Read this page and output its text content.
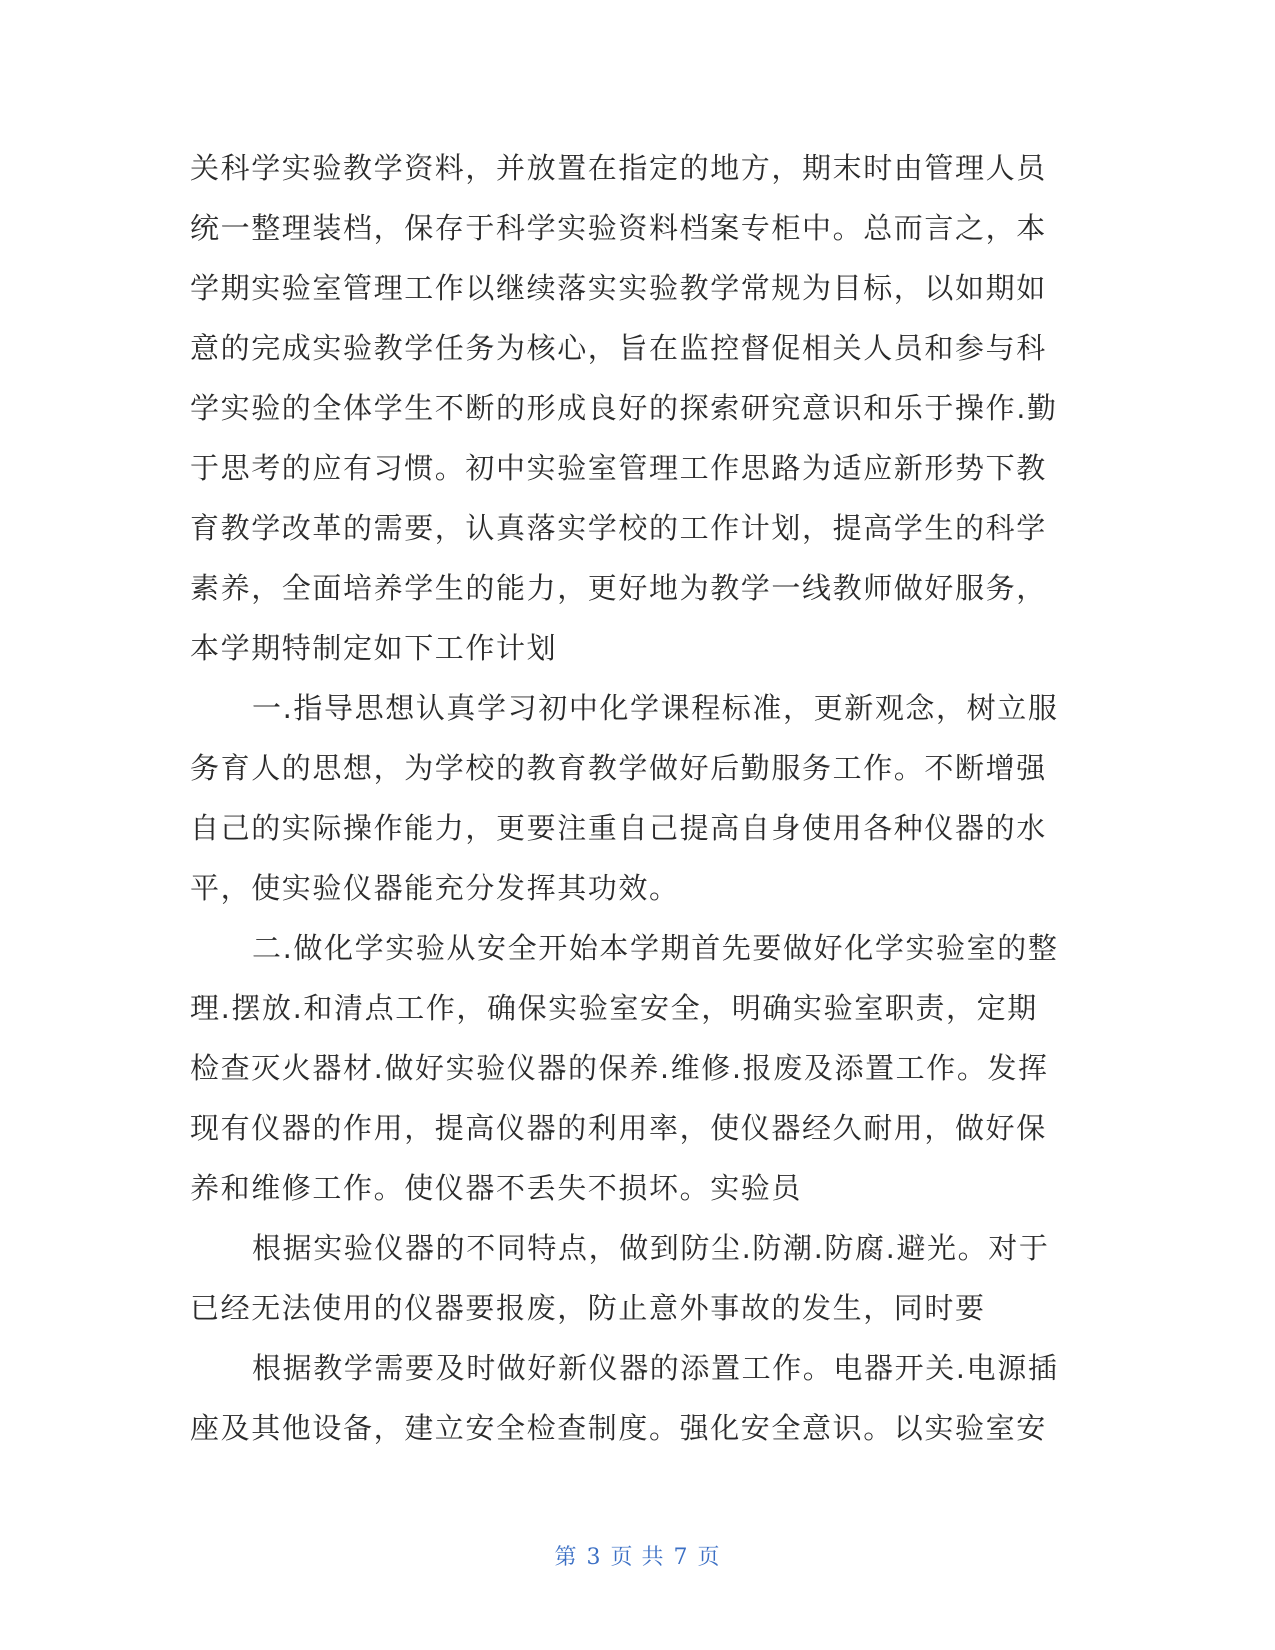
关科学实验教学资料，并放置在指定的地方，期末时由管理人员
统一整理装档，保存于科学实验资料档案专柜中。总而言之，本
学期实验室管理工作以继续落实实验教学常规为目标，以如期如
意的完成实验教学任务为核心，旨在监控督促相关人员和参与科
学实验的全体学生不断的形成良好的探索研究意识和乐于操作.勤
于思考的应有习惯。初中实验室管理工作思路为适应新形势下教
育教学改革的需要，认真落实学校的工作计划，提高学生的科学
素养，全面培养学生的能力，更好地为教学一线教师做好服务，
本学期特制定如下工作计划
一.指导思想认真学习初中化学课程标准，更新观念，树立服
务育人的思想，为学校的教育教学做好后勤服务工作。不断增强
自己的实际操作能力，更要注重自己提高自身使用各种仪器的水
平，使实验仪器能充分发挥其功效。
二.做化学实验从安全开始本学期首先要做好化学实验室的整
理.摆放.和清点工作，确保实验室安全，明确实验室职责，定期
检查灭火器材.做好实验仪器的保养.维修.报废及添置工作。发挥
现有仪器的作用，提高仪器的利用率，使仪器经久耐用，做好保
养和维修工作。使仪器不丢失不损坏。实验员
根据实验仪器的不同特点，做到防尘.防潮.防腐.避光。对于
已经无法使用的仪器要报废，防止意外事故的发生，同时要
根据教学需要及时做好新仪器的添置工作。电器开关.电源插
座及其他设备，建立安全检查制度。强化安全意识。以实验室安
第 3 页 共 7 页
